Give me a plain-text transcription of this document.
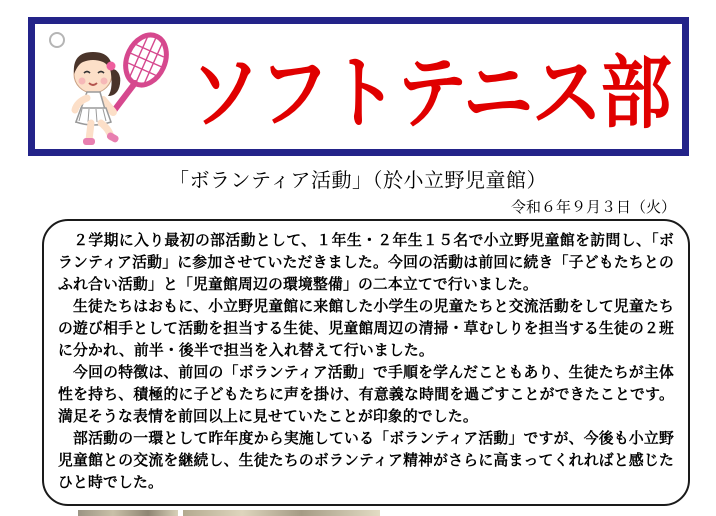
ソフトテニス部
「ボランティア活動」（於小立野児童館）
令和６年９月３日（火）

　２学期に入り最初の部活動として、１年生・２年生１５名で小立野児童館を訪問し、「ボランティア活動」に参加させていただきました。今回の活動は前回に続き「子どもたちとのふれ合い活動」と「児童館周辺の環境整備」の二本立てで行いました。

　生徒たちはおもに、小立野児童館に来館した小学生の児童たちと交流活動をして児童たちの遊び相手として活動を担当する生徒、児童館周辺の清掃・草むしりを担当する生徒の２班に分かれ、前半・後半で担当を入れ替えて行いました。

　今回の特徴は、前回の「ボランティア活動」で手順を学んだこともあり、生徒たちが主体性を持ち、積極的に子どもたちに声を掛け、有意義な時間を過ごすことができたことです。満足そうな表情を前回以上に見せていたことが印象的でした。

　部活動の一環として昨年度から実施している「ボランティア活動」ですが、今後も小立野児童館との交流を継続し、生徒たちのボランティア精神がさらに高まってくれればと感じたひと時でした。
